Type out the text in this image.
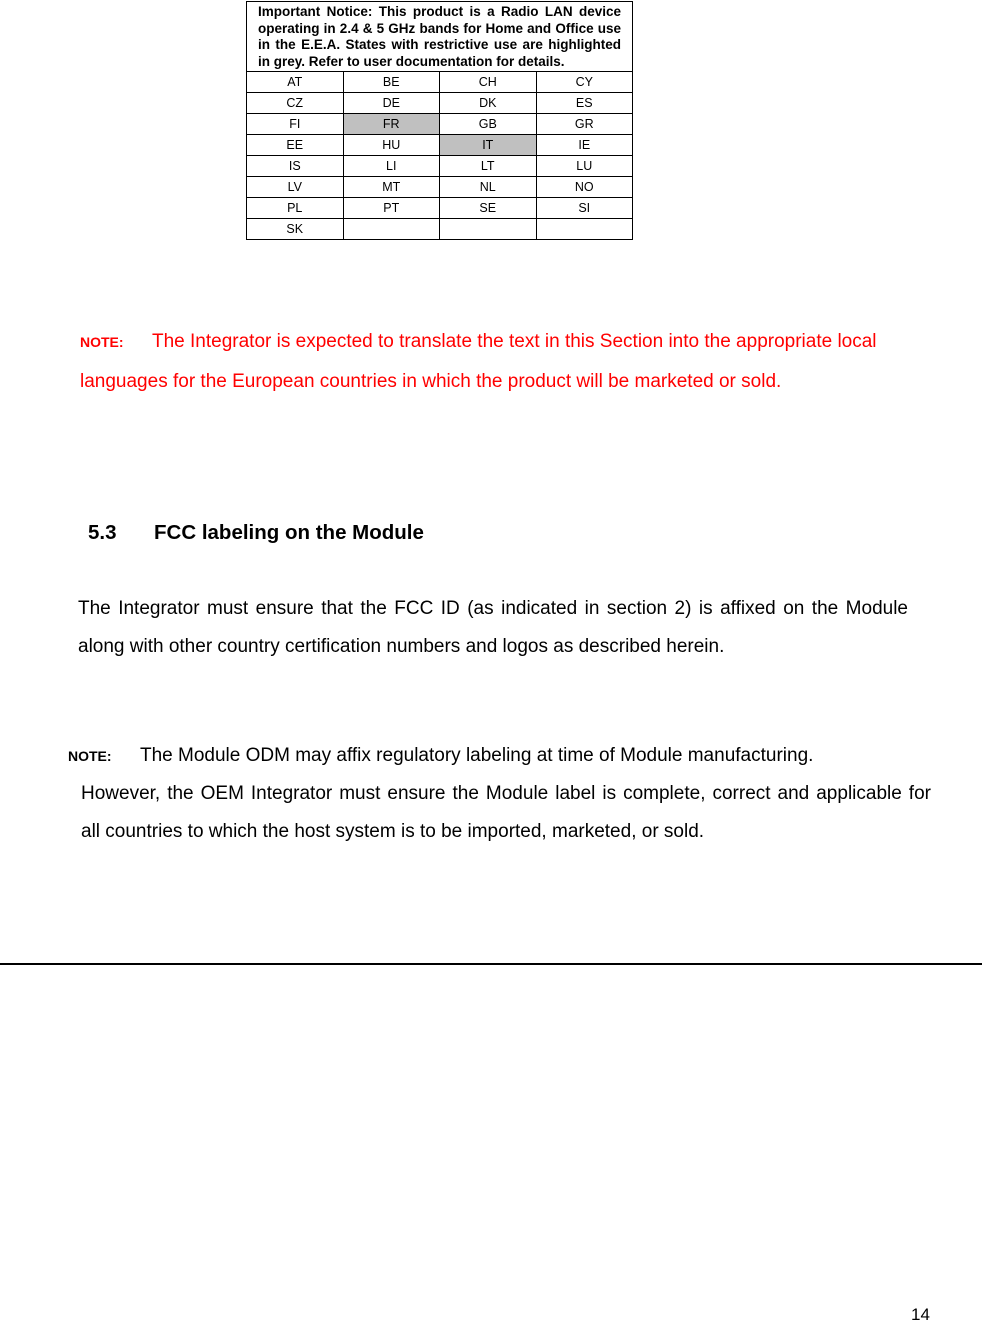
Important Notice: This product is a Radio LAN device operating in 2.4 & 5 GHz bands for Home and Office use in the E.E.A. States with restrictive use are highlighted in grey. Refer to user documentation for details.			
AT	BE	CH	CY
CZ	DE	DK	ES
FI	FR	GB	GR
EE	HU	IT	IE
IS	LI	LT	LU
LV	MT	NL	NO
PL	PT	SE	SI
SK			
NOTE: The Integrator is expected to translate the text in this Section into the appropriate local languages for the European countries in which the product will be marketed or sold.
5.3 FCC labeling on the Module
The Integrator must ensure that the FCC ID (as indicated in section 2) is affixed on the Module along with other country certification numbers and logos as described herein.
NOTE: The Module ODM may affix regulatory labeling at time of Module manufacturing.
However, the OEM Integrator must ensure the Module label is complete, correct and applicable for all countries to which the host system is to be imported, marketed, or sold.
14
